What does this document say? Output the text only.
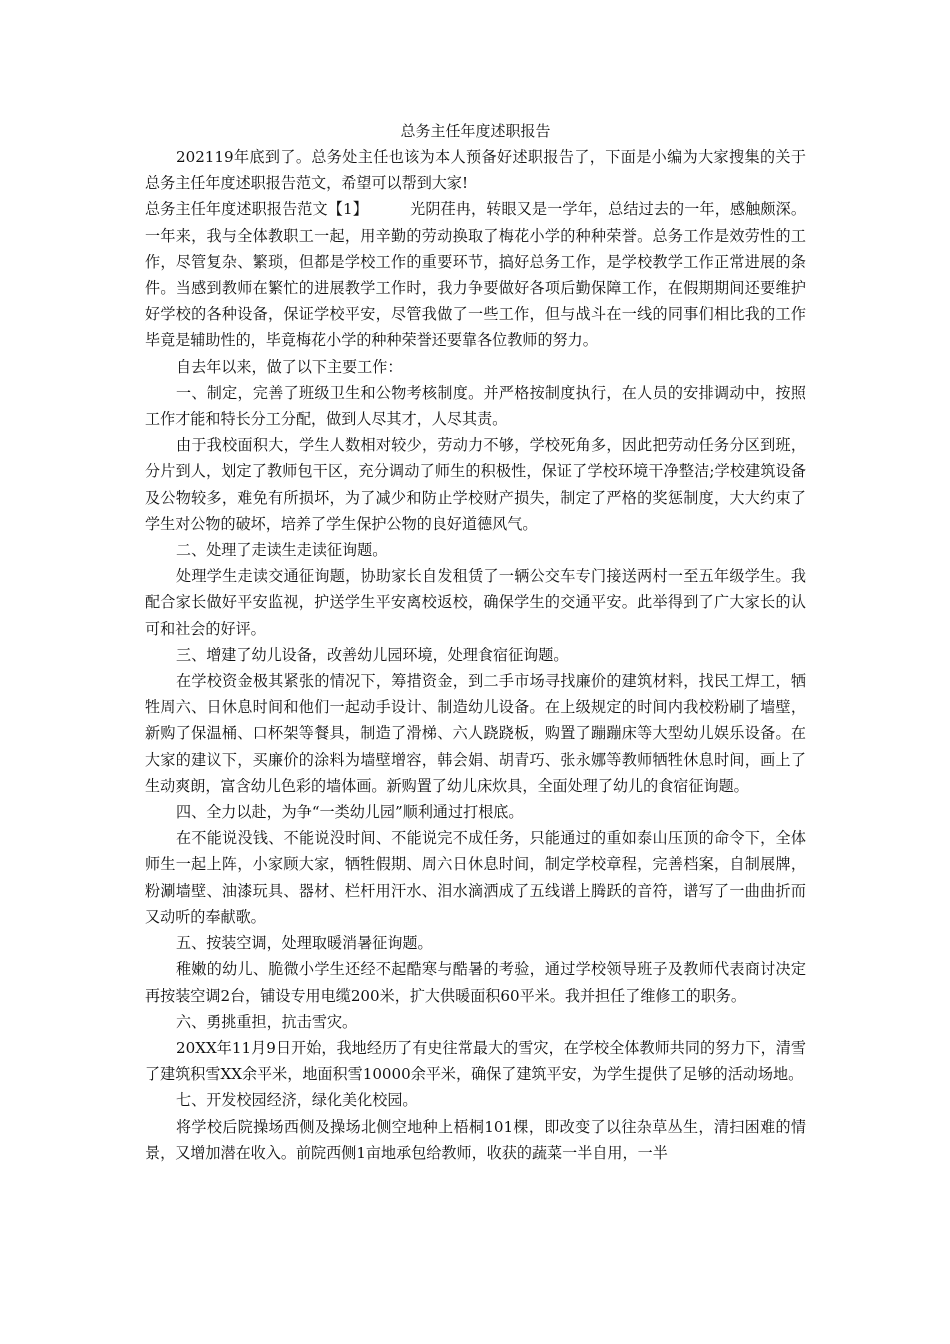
总务主任年度述职报告

202119年底到了。总务处主任也该为本人预备好述职报告了，下面是小编为大家搜集的关于总务主任年度述职报告范文，希望可以帮到大家!

总务主任年度述职报告范文【1】	光阴荏冉，转眼又是一学年，总结过去的一年，感触颇深。一年来，我与全体教职工一起，用辛勤的劳动换取了梅花小学的种种荣誉。总务工作是效劳性的工作，尽管复杂、繁琐，但都是学校工作的重要环节，搞好总务工作，是学校教学工作正常进展的条件。当感到教师在繁忙的进展教学工作时，我力争要做好各项后勤保障工作，在假期期间还要维护好学校的各种设备，保证学校平安，尽管我做了一些工作，但与战斗在一线的同事们相比我的工作毕竟是辅助性的，毕竟梅花小学的种种荣誉还要靠各位教师的努力。

自去年以来，做了以下主要工作：

一、制定，完善了班级卫生和公物考核制度。并严格按制度执行，在人员的安排调动中，按照工作才能和特长分工分配，做到人尽其才，人尽其责。

由于我校面积大，学生人数相对较少，劳动力不够，学校死角多，因此把劳动任务分区到班，分片到人，划定了教师包干区，充分调动了师生的积极性，保证了学校环境干净整洁;学校建筑设备及公物较多，难免有所损坏，为了减少和防止学校财产损失，制定了严格的奖惩制度，大大约束了学生对公物的破坏，培养了学生保护公物的良好道德风气。

二、处理了走读生走读征询题。

处理学生走读交通征询题，协助家长自发租赁了一辆公交车专门接送两村一至五年级学生。我配合家长做好平安监视，护送学生平安离校返校，确保学生的交通平安。此举得到了广大家长的认可和社会的好评。

三、增建了幼儿设备，改善幼儿园环境，处理食宿征询题。

在学校资金极其紧张的情况下，筹措资金，到二手市场寻找廉价的建筑材料，找民工焊工，牺牲周六、日休息时间和他们一起动手设计、制造幼儿设备。在上级规定的时间内我校粉刷了墙壁，新购了保温桶、口杯架等餐具，制造了滑梯、六人跷跷板，购置了蹦蹦床等大型幼儿娱乐设备。在大家的建议下，买廉价的涂料为墙壁增容，韩会娟、胡青巧、张永娜等教师牺牲休息时间，画上了生动爽朗，富含幼儿色彩的墙体画。新购置了幼儿床炊具，全面处理了幼儿的食宿征询题。

四、全力以赴，为争“一类幼儿园”顺利通过打根底。

在不能说没钱、不能说没时间、不能说完不成任务，只能通过的重如泰山压顶的命令下，全体师生一起上阵，小家顾大家，牺牲假期、周六日休息时间，制定学校章程，完善档案，自制展牌，粉涮墙壁、油漆玩具、器材、栏杆用汗水、泪水滴洒成了五线谱上腾跃的音符，谱写了一曲曲折而又动听的奉献歌。

五、按装空调，处理取暖消暑征询题。

稚嫩的幼儿、脆微小学生还经不起酷寒与酷暑的考验，通过学校领导班子及教师代表商讨决定再按装空调2台，铺设专用电缆200米，扩大供暖面积60平米。我并担任了维修工的职务。

六、勇挑重担，抗击雪灾。

20XX年11月9日开始，我地经历了有史往常最大的雪灾，在学校全体教师共同的努力下，清雪了建筑积雪XX余平米，地面积雪10000余平米，确保了建筑平安，为学生提供了足够的活动场地。

七、开发校园经济，绿化美化校园。

将学校后院操场西侧及操场北侧空地种上梧桐101棵，即改变了以往杂草丛生，清扫困难的情景，又增加潜在收入。前院西侧1亩地承包给教师，收获的蔬菜一半自用，一半
